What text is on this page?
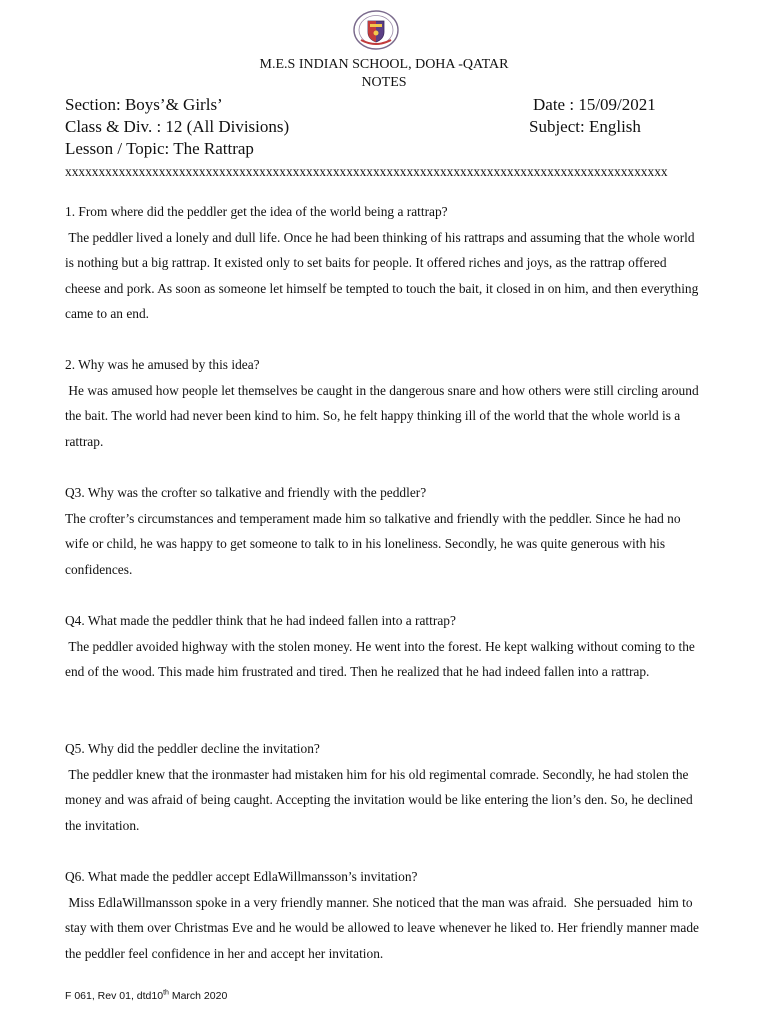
M.E.S INDIAN SCHOOL, DOHA -QATAR
NOTES
Section: Boys’& Girls’	Date : 15/09/2021
Class & Div. : 12 (All Divisions)	Subject: English
Lesson / Topic: The Rattrap
xxxxxxxxxxxxxxxxxxxxxxxxxxxxxxxxxxxxxxxxxxxxxxxxxxxxxxxxxxxxxxxxxxxxxxxxxxxxxxxxxxxxxxxxxx

1. From where did the peddler get the idea of the world being a rattrap?

The peddler lived a lonely and dull life. Once he had been thinking of his rattraps and assuming that the whole world is nothing but a big rattrap. It existed only to set baits for people. It offered riches and joys, as the rattrap offered cheese and pork. As soon as someone let himself be tempted to touch the bait, it closed in on him, and then everything came to an end.

2. Why was he amused by this idea?

He was amused how people let themselves be caught in the dangerous snare and how others were still circling around the bait. The world had never been kind to him. So, he felt happy thinking ill of the world that the whole world is a rattrap.

Q3. Why was the crofter so talkative and friendly with the peddler?

The crofter’s circumstances and temperament made him so talkative and friendly with the peddler. Since he had no wife or child, he was happy to get someone to talk to in his loneliness. Secondly, he was quite generous with his confidences.

Q4. What made the peddler think that he had indeed fallen into a rattrap?

The peddler avoided highway with the stolen money. He went into the forest. He kept walking without coming to the end of the wood. This made him frustrated and tired. Then he realized that he had indeed fallen into a rattrap.

Q5. Why did the peddler decline the invitation?

The peddler knew that the ironmaster had mistaken him for his old regimental comrade. Secondly, he had stolen the money and was afraid of being caught. Accepting the invitation would be like entering the lion’s den. So, he declined the invitation.

Q6. What made the peddler accept EdlaWillmansson’s invitation?

Miss EdlaWillmansson spoke in a very friendly manner. She noticed that the man was afraid.  She persuaded  him to stay with them over Christmas Eve and he would be allowed to leave whenever he liked to. Her friendly manner made the peddler feel confidence in her and accept her invitation.

F 061, Rev 01, dtd10th March 2020
